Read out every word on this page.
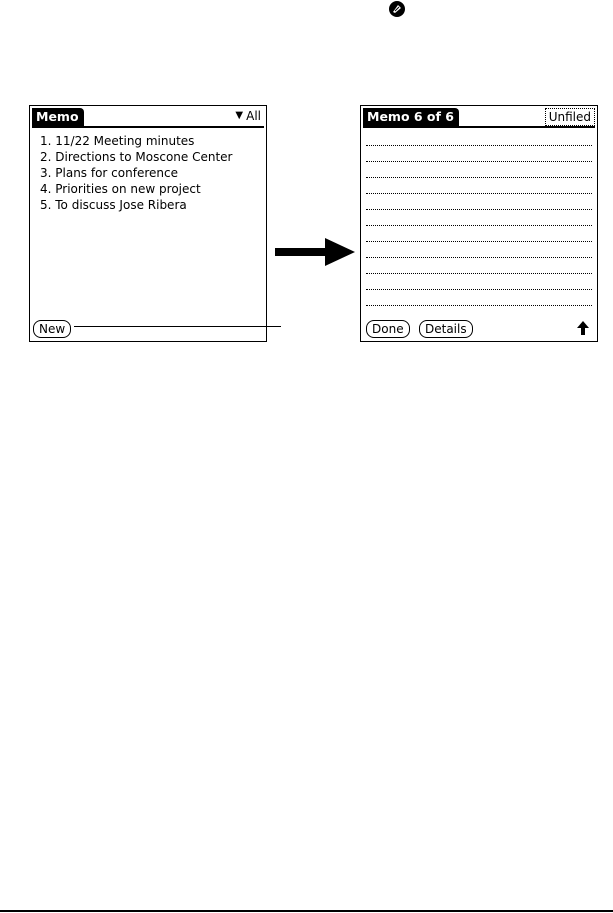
Memo	▼ All
1. 11/22 Meeting minutes
2. Directions to Moscone Center
3. Plans for conference
4. Priorities on new project
5. To discuss Jose Ribera
New
Memo 6 of 6	Unfiled
Done	Details
